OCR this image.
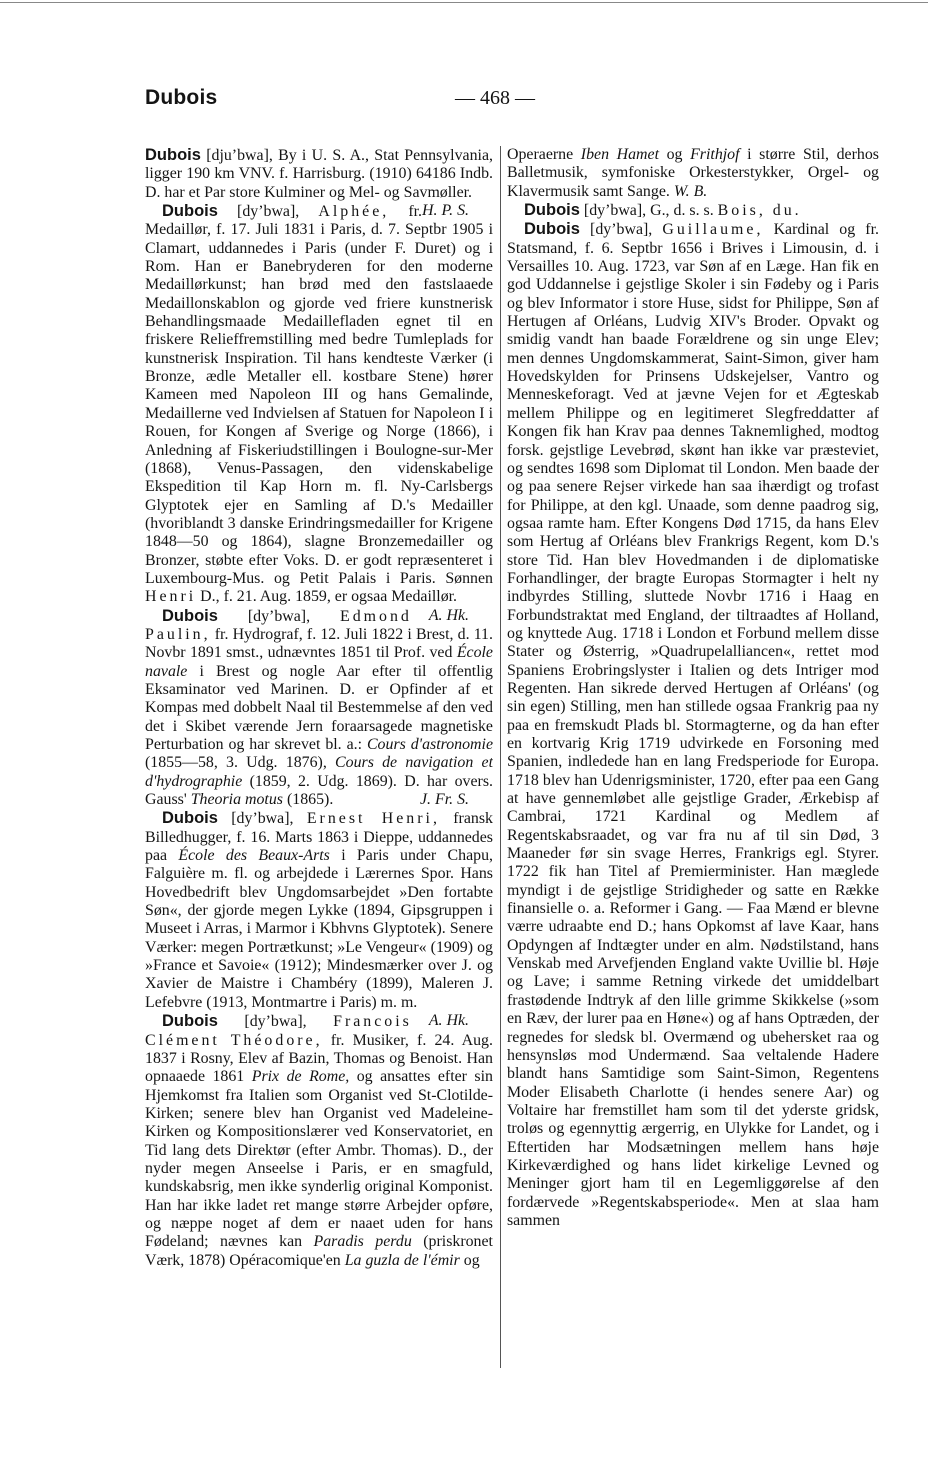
Dubois	— 468 —

Dubois [djuʼbwa], By i U. S. A., Stat Pennsylvania, ligger 190 km VNV. f. Harrisburg. (1910) 64186 Indb. D. har et Par store Kulminer og Mel- og Savmøller.
H. P. S.

Dubois [dyʼbwa], Alphée, fr. Medaillør, f. 17. Juli 1831 i Paris, d. 7. Septbr 1905 i Clamart, uddannedes i Paris (under F. Duret) og i Rom. Han er Banebryderen for den moderne Medaillørkunst; han brød med den fastslaaede Medaillonskablon og gjorde ved friere kunstnerisk Behandlingsmaade Medaillefladen egnet til en friskere Relieffremstilling med bedre Tumleplads for kunstnerisk Inspiration. Til hans kendteste Værker (i Bronze, ædle Metaller ell. kostbare Stene) hører Kameen med Napoleon III og hans Gemalinde, Medaillerne ved Indvielsen af Statuen for Napoleon I i Rouen, for Kongen af Sverige og Norge (1866), i Anledning af Fiskeriudstillingen i Boulogne-sur-Mer (1868), Venus-Passagen, den videnskabelige Ekspedition til Kap Horn m. fl. Ny-Carlsbergs Glyptotek ejer en Samling af D.'s Medailler (hvoriblandt 3 danske Erindringsmedailler for Krigene 1848—50 og 1864), slagne Bronzemedailler og Bronzer, støbte efter Voks. D. er godt repræsenteret i Luxembourg-Mus. og Petit Palais i Paris. Sønnen Henri D., f. 21. Aug. 1859, er ogsaa Medaillør.
A. Hk.

Dubois [dyʼbwa], Edmond Paulin, fr. Hydrograf, f. 12. Juli 1822 i Brest, d. 11. Novbr 1891 smst., udnævntes 1851 til Prof. ved École navale i Brest og nogle Aar efter til offentlig Eksaminator ved Marinen. D. er Opfinder af et Kompas med dobbelt Naal til Bestemmelse af den ved det i Skibet værende Jern foraarsagede magnetiske Perturbation og har skrevet bl. a.: Cours d'astronomie (1855—58, 3. Udg. 1876), Cours de navigation et d'hydrographie (1859, 2. Udg. 1869). D. har overs. Gauss' Theoria motus (1865).	J. Fr. S.

Dubois [dyʼbwa], Ernest Henri, fransk Billedhugger, f. 16. Marts 1863 i Dieppe, uddannedes paa École des Beaux-Arts i Paris under Chapu, Falguière m. fl. og arbejdede i Lærernes Spor. Hans Hovedbedrift blev Ungdomsarbejdet »Den fortabte Søn«, der gjorde megen Lykke (1894, Gipsgruppen i Museet i Arras, i Marmor i Kbhvns Glyptotek). Senere Værker: megen Portrætkunst; »Le Vengeur« (1909) og »France et Savoie« (1912); Mindesmærker over J. og Xavier de Maistre i Chambéry (1899), Maleren J. Lefebvre (1913, Montmartre i Paris) m. m.
A. Hk.

Dubois [dyʼbwa], Francois Clément Théodore, fr. Musiker, f. 24. Aug. 1837 i Rosny, Elev af Bazin, Thomas og Benoist. Han opnaaede 1861 Prix de Rome, og ansattes efter sin Hjemkomst fra Italien som Organist ved St-Clotilde-Kirken; senere blev han Organist ved Madeleine-Kirken og Kompositionslærer ved Konservatoriet, en Tid lang dets Direktør (efter Ambr. Thomas). D., der nyder megen Anseelse i Paris, er en smagfuld, kundskabsrig, men ikke synderlig original Komponist. Han har ikke ladet ret mange større Arbejder opføre, og næppe noget af dem er naaet uden for hans Fødeland; nævnes kan Paradis perdu (priskronet Værk, 1878) Opéracomique'en La guzla de l'émir og

Operaerne Iben Hamet og Frithjof i større Stil, derhos Balletmusik, symfoniske Orkesterstykker, Orgel- og Klavermusik samt Sange. W. B.

Dubois [dyʼbwa], G., d. s. s. Bois, du.

Dubois [dyʼbwa], Guillaume, Kardinal og fr. Statsmand, f. 6. Septbr 1656 i Brives i Limousin, d. i Versailles 10. Aug. 1723, var Søn af en Læge. Han fik en god Uddannelse i gejstlige Skoler i sin Fødeby og i Paris og blev Informator i store Huse, sidst for Philippe, Søn af Hertugen af Orléans, Ludvig XIV's Broder. Opvakt og smidig vandt han baade Forældrene og sin unge Elev; men dennes Ungdomskammerat, Saint-Simon, giver ham Hovedskylden for Prinsens Udskejelser, Vantro og Menneskeforagt. Ved at jævne Vejen for et Ægteskab mellem Philippe og en legitimeret Slegfreddatter af Kongen fik han Krav paa dennes Taknemlighed, modtog forsk. gejstlige Levebrød, skønt han ikke var præsteviet, og sendtes 1698 som Diplomat til London. Men baade der og paa senere Rejser virkede han saa ihærdigt og trofast for Philippe, at den kgl. Unaade, som denne paadrog sig, ogsaa ramte ham. Efter Kongens Død 1715, da hans Elev som Hertug af Orléans blev Frankrigs Regent, kom D.'s store Tid. Han blev Hovedmanden i de diplomatiske Forhandlinger, der bragte Europas Stormagter i helt ny indbyrdes Stilling, sluttede Novbr 1716 i Haag en Forbundstraktat med England, der tiltraadtes af Holland, og knyttede Aug. 1718 i London et Forbund mellem disse Stater og Østerrig, »Quadrupelalliancen«, rettet mod Spaniens Erobringslyster i Italien og dets Intriger mod Regenten. Han sikrede derved Hertugen af Orléans' (og sin egen) Stilling, men han stillede ogsaa Frankrig paa ny paa en fremskudt Plads bl. Stormagterne, og da han efter en kortvarig Krig 1719 udvirkede en Forsoning med Spanien, indledede han en lang Fredsperiode for Europa. 1718 blev han Udenrigsminister, 1720, efter paa een Gang at have gennemløbet alle gejstlige Grader, Ærkebisp af Cambrai, 1721 Kardinal og Medlem af Regentskabsraadet, og var fra nu af til sin Død, 3 Maaneder før sin svage Herres, Frankrigs egl. Styrer. 1722 fik han Titel af Premierminister. Han mæglede myndigt i de gejstlige Stridigheder og satte en Række finansielle o. a. Reformer i Gang. — Faa Mænd er blevne værre udraabte end D.; hans Opkomst af lave Kaar, hans Opdyngen af Indtægter under en alm. Nødstilstand, hans Venskab med Arvefjenden England vakte Uvillie bl. Høje og Lave; i samme Retning virkede det umiddelbart frastødende Indtryk af den lille grimme Skikkelse (»som en Ræv, der lurer paa en Høne«) og af hans Optræden, der regnedes for sledsk bl. Overmænd og ubehersket raa og hensynsløs mod Undermænd. Saa veltalende Hadere blandt hans Samtidige som Saint-Simon, Regentens Moder Elisabeth Charlotte (i hendes senere Aar) og Voltaire har fremstillet ham som til det yderste gridsk, troløs og egennyttig ærgerrig, en Ulykke for Landet, og i Eftertiden har Modsætningen mellem hans høje Kirkeværdighed og hans lidet kirkelige Levned og Meninger gjort ham til en Legemliggørelse af den fordærvede »Regentskabsperiode«. Men at slaa ham sammen
